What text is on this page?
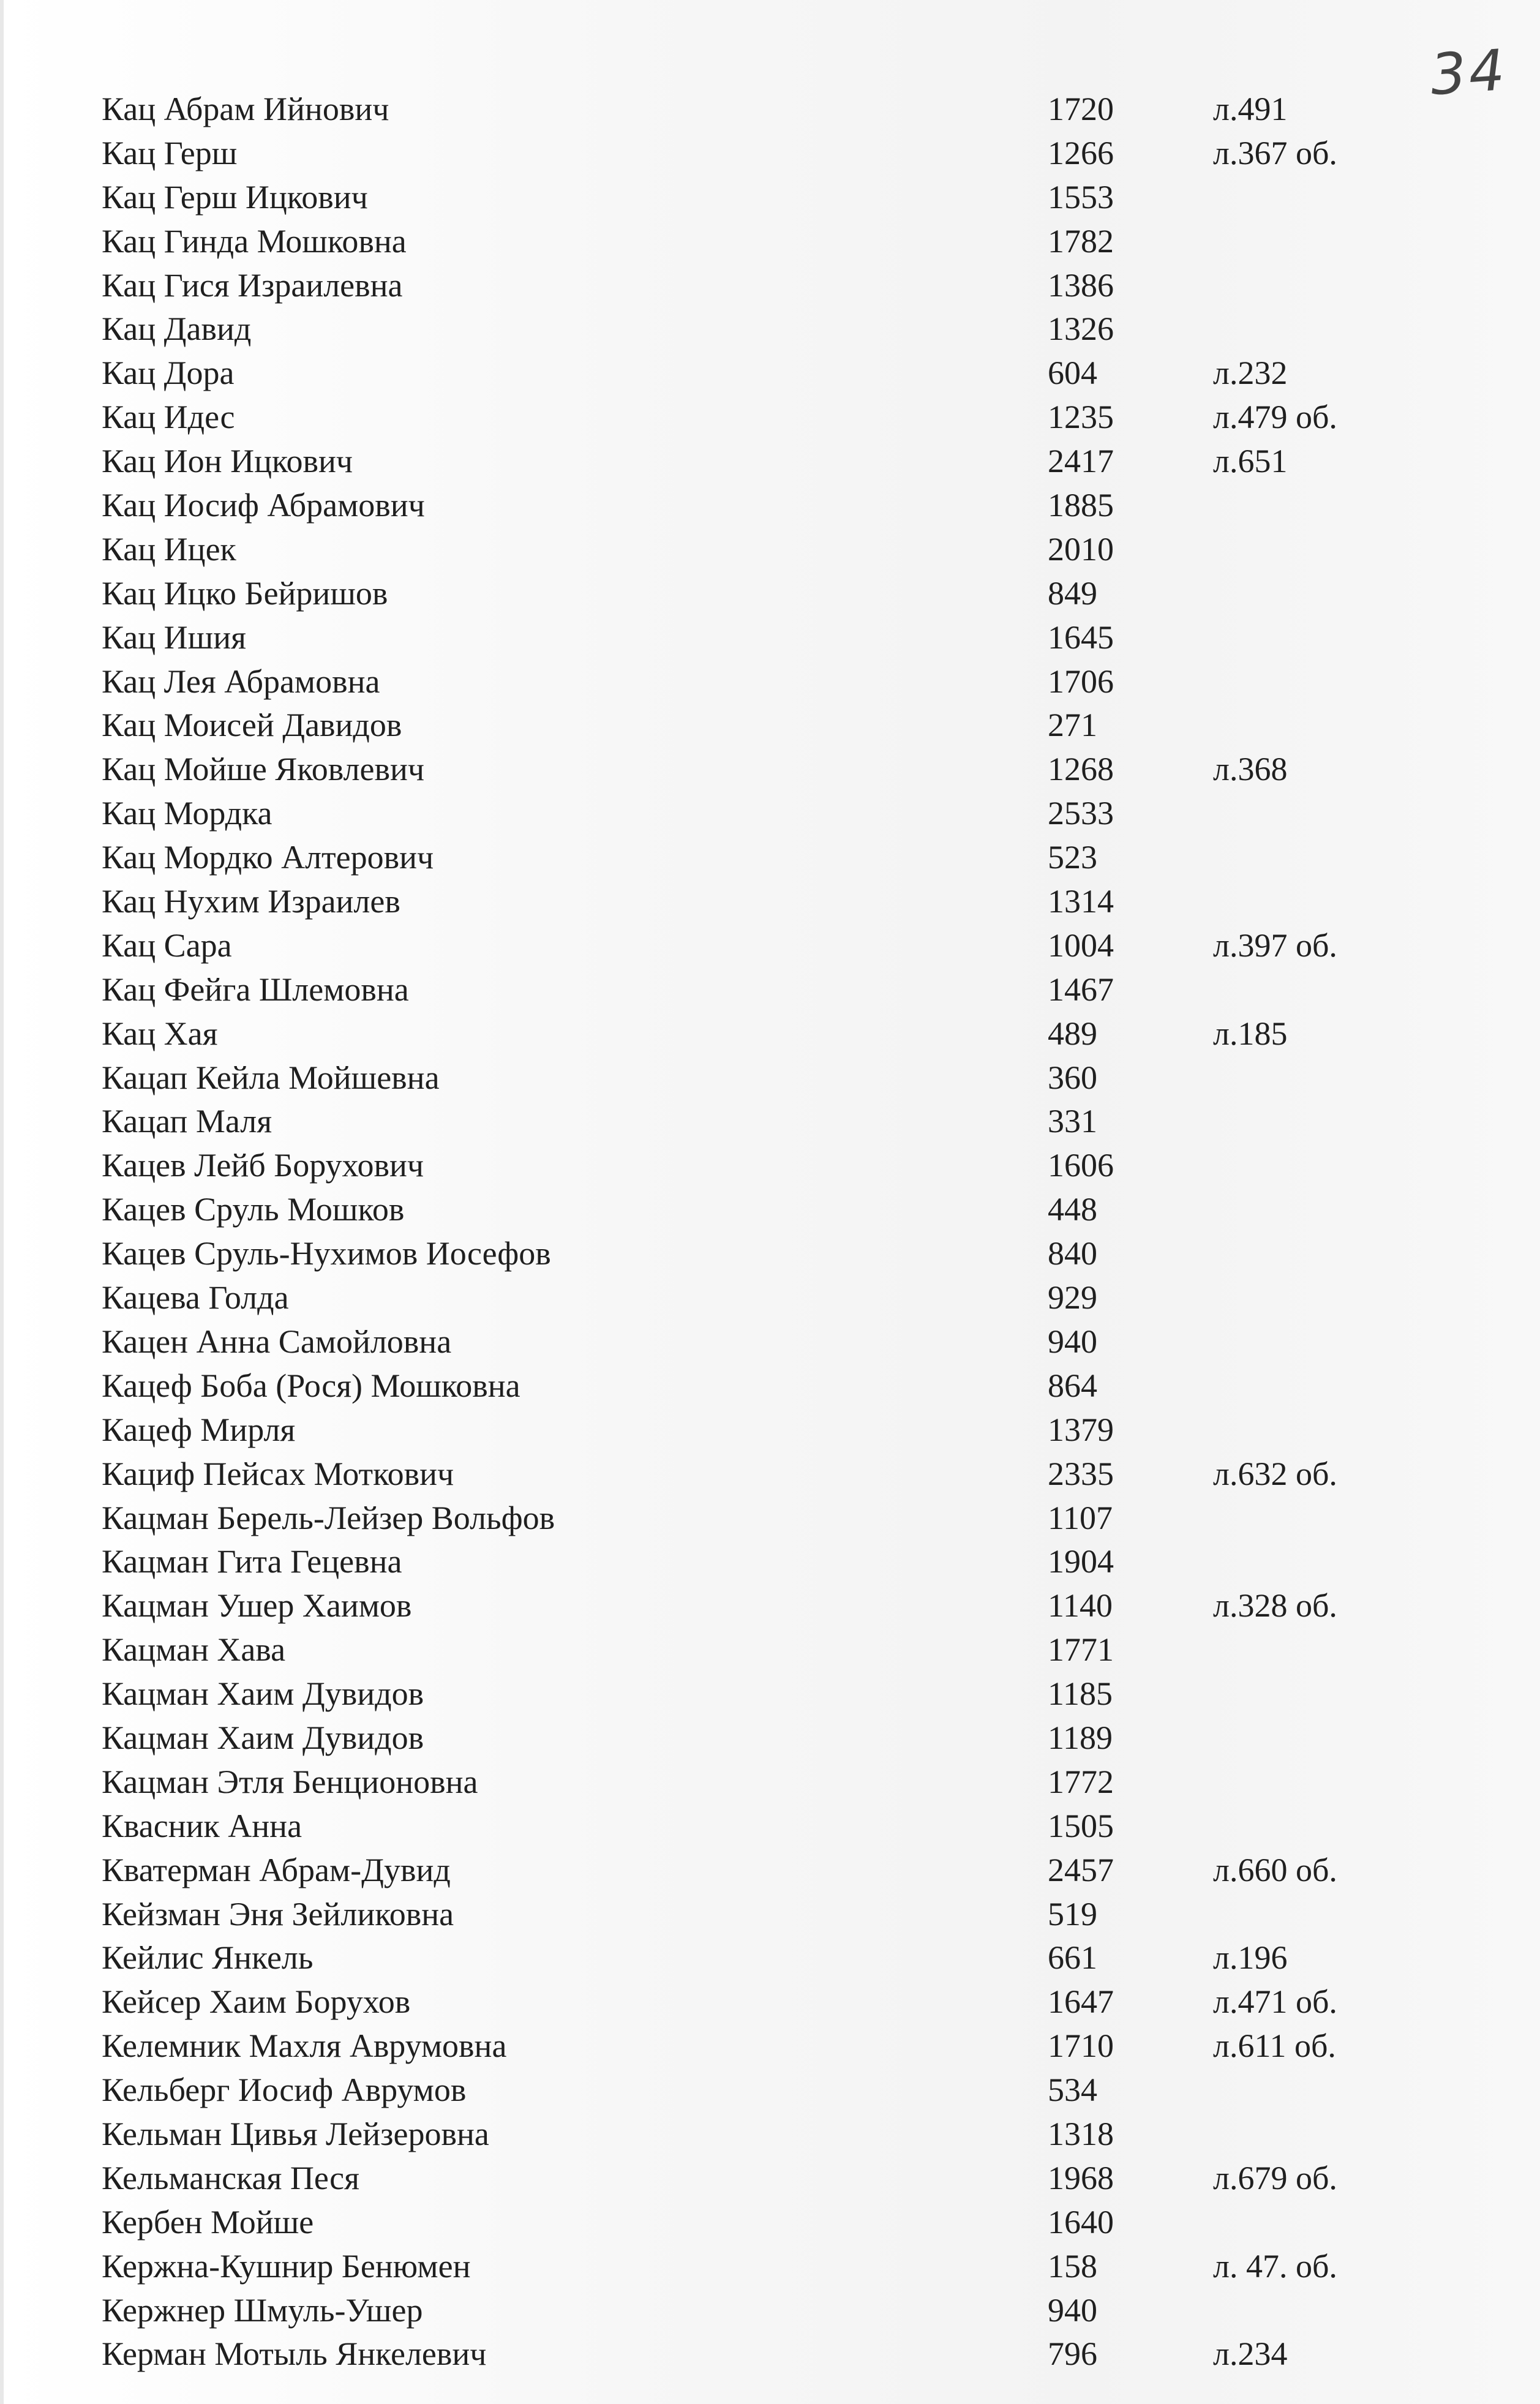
34
Кац Абрам Ийнович	1720	л.491
Кац Герш	1266	л.367 об.
Кац Герш Ицкович	1553
Кац Гинда Мошковна	1782
Кац Гися Израилевна	1386
Кац Давид	1326
Кац Дора	604	л.232
Кац Идес	1235	л.479 об.
Кац Ион Ицкович	2417	л.651
Кац Иосиф Абрамович	1885
Кац Ицек	2010
Кац Ицко Бейришов	849
Кац Ишия	1645
Кац Лея Абрамовна	1706
Кац Моисей Давидов	271
Кац Мойше Яковлевич	1268	л.368
Кац Мордка	2533
Кац Мордко Алтерович	523
Кац Нухим Израилев	1314
Кац Сара	1004	л.397 об.
Кац Фейга Шлемовна	1467
Кац Хая	489	л.185
Кацап Кейла Мойшевна	360
Кацап Маля	331
Кацев Лейб Борухович	1606
Кацев Сруль Мошков	448
Кацев Сруль-Нухимов Иосефов	840
Кацева Голда	929
Кацен Анна Самойловна	940
Кацеф Боба (Рося) Мошковна	864
Кацеф Мирля	1379
Кациф Пейсах Моткович	2335	л.632 об.
Кацман Берель-Лейзер Вольфов	1107
Кацман Гита Гецевна	1904
Кацман Ушер Хаимов	1140	л.328 об.
Кацман Хава	1771
Кацман Хаим Дувидов	1185
Кацман Хаим Дувидов	1189
Кацман Этля Бенционовна	1772
Квасник Анна	1505
Кватерман Абрам-Дувид	2457	л.660 об.
Кейзман Эня Зейликовна	519
Кейлис Янкель	661	л.196
Кейсер Хаим Борухов	1647	л.471 об.
Келемник Махля Аврумовна	1710	л.611 об.
Кельберг Иосиф Аврумов	534
Кельман Цивья Лейзеровна	1318
Кельманская Песя	1968	л.679 об.
Кербен Мойше	1640
Кержна-Кушнир Бенюмен	158	л. 47. об.
Кержнер Шмуль-Ушер	940
Керман Мотыль Янкелевич	796	л.234
